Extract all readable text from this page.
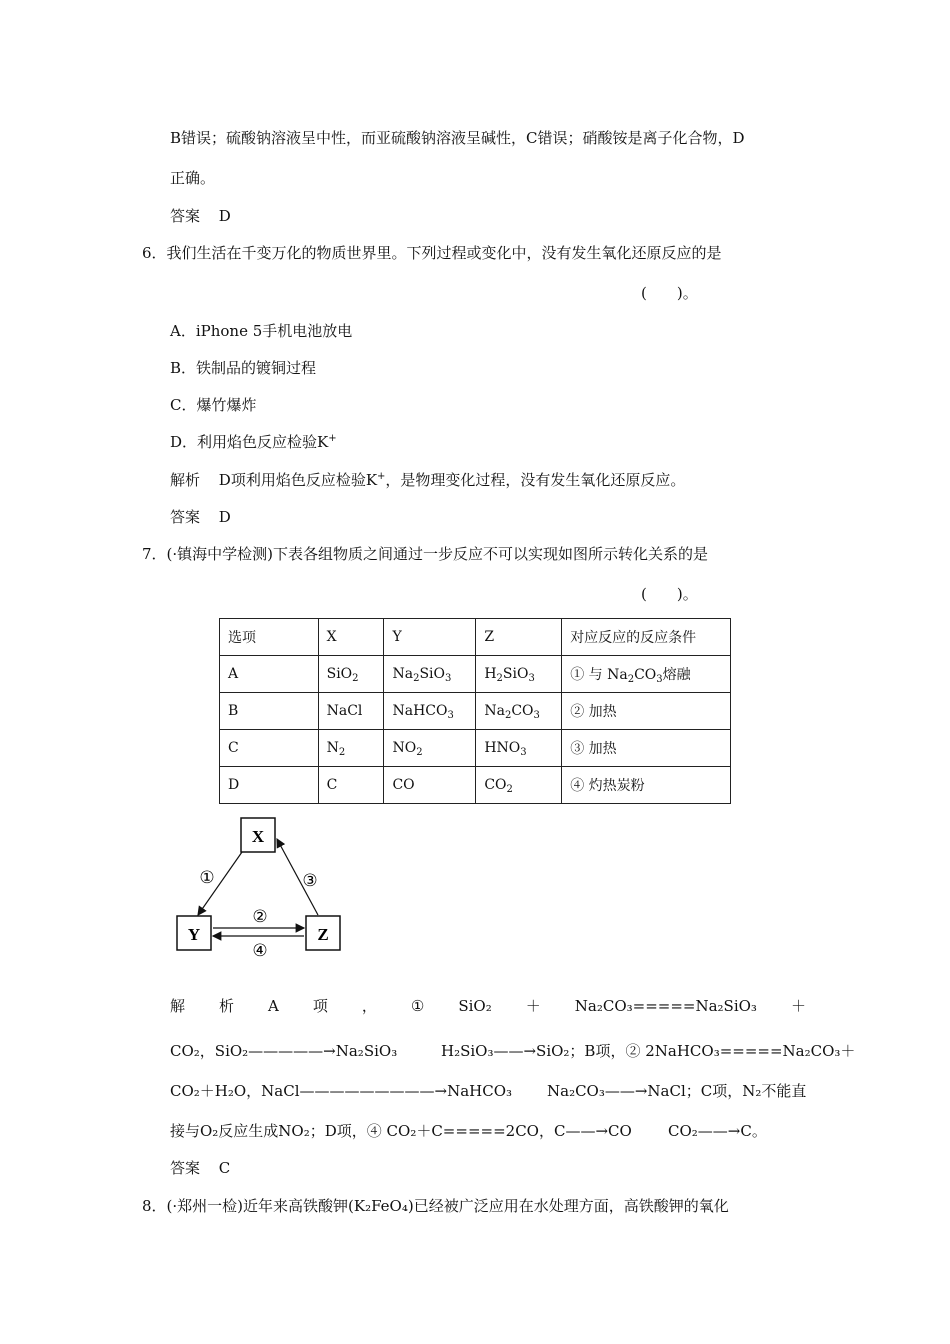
B错误；硫酸钠溶液呈中性，而亚硫酸钠溶液呈碱性，C错误；硝酸铵是离子化合物，D
正确。
答案 D
6．我们生活在千变万化的物质世界里。下列过程或变化中，没有发生氧化还原反应的是
(　　)。
A．iPhone 5手机电池放电
B．铁制品的镀铜过程
C．爆竹爆炸
D．利用焰色反应检验K+
解析 D项利用焰色反应检验K+，是物理变化过程，没有发生氧化还原反应。
答案 D
7．(·镇海中学检测)下表各组物质之间通过一步反应不可以实现如图所示转化关系的是
(　　)。
选项	X	Y	Z	对应反应的反应条件
A	SiO$_2$	$Na_2SiO_3$	$H_2SiO_3$	① 与 $Na_2CO_3$熔融
B	NaCl	NaHCO$_3$	$Na_2CO_3$	② 加热
C	$N_2$	$NO_2$	$HNO_3$	③ 加热
D	C	CO	$CO_2$	④ 灼热炭粉
X
Y	Z
①	③
②
④
解 析 A 项 ， ① SiO₂ ＋ Na₂CO₃=====Na₂SiO₃ ＋
CO₂，SiO₂—————→Na₂SiO₃	H₂SiO₃——→SiO₂；B项，② 2NaHCO₃=====Na₂CO₃＋
CO₂＋H₂O，NaCl—————————→NaHCO₃ Na₂CO₃——→NaCl；C项，N₂不能直
接与O₂反应生成NO₂；D项，④ CO₂＋C=====2CO，C——→CO CO₂——→C。
答案 C
8．(·郑州一检)近年来高铁酸钾(K₂FeO₄)已经被广泛应用在水处理方面，高铁酸钾的氧化
